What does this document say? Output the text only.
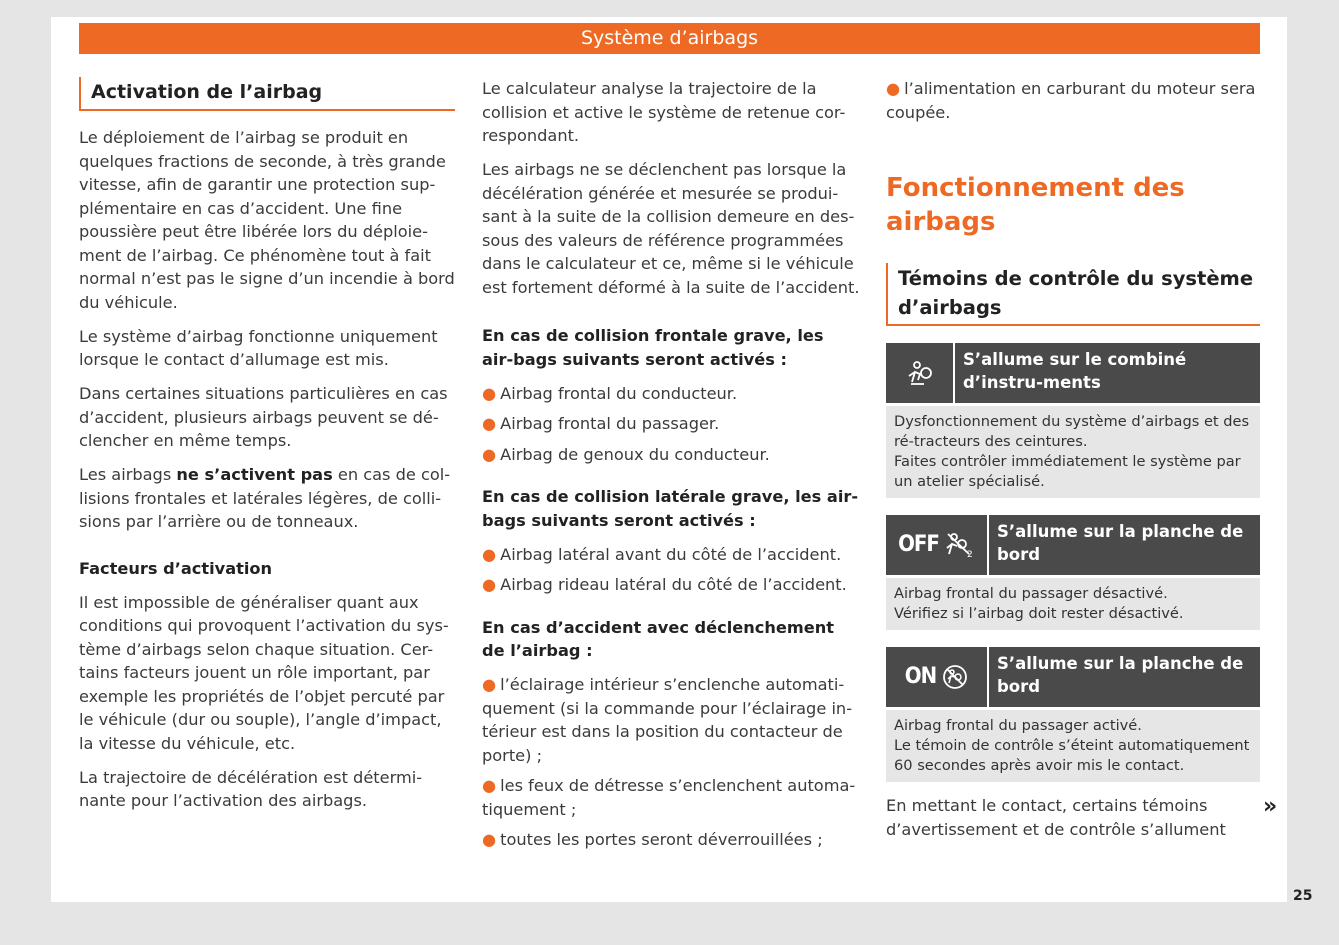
Système d’airbags
Activation de l’airbag

Le déploiement de l’airbag se produit en quelques fractions de seconde, à très grande vitesse, afin de garantir une protection sup-plémentaire en cas d’accident. Une fine poussière peut être libérée lors du déploie-ment de l’airbag. Ce phénomène tout à fait normal n’est pas le signe d’un incendie à bord du véhicule.

Le système d’airbag fonctionne uniquement lorsque le contact d’allumage est mis.

Dans certaines situations particulières en cas d’accident, plusieurs airbags peuvent se dé-clencher en même temps.

Les airbags ne s’activent pas en cas de col-lisions frontales et latérales légères, de colli-sions par l’arrière ou de tonneaux.

Facteurs d’activation

Il est impossible de généraliser quant aux conditions qui provoquent l’activation du sys-tème d’airbags selon chaque situation. Cer-tains facteurs jouent un rôle important, par exemple les propriétés de l’objet percuté par le véhicule (dur ou souple), l’angle d’impact, la vitesse du véhicule, etc.

La trajectoire de décélération est détermi-nante pour l’activation des airbags.

Le calculateur analyse la trajectoire de la collision et active le système de retenue cor-respondant.

Les airbags ne se déclenchent pas lorsque la décélération générée et mesurée se produi-sant à la suite de la collision demeure en des-sous des valeurs de référence programmées dans le calculateur et ce, même si le véhicule est fortement déformé à la suite de l’accident.

En cas de collision frontale grave, les air-bags suivants seront activés :

● Airbag frontal du conducteur.
● Airbag frontal du passager.
● Airbag de genoux du conducteur.

En cas de collision latérale grave, les air-bags suivants seront activés :

● Airbag latéral avant du côté de l’accident.
● Airbag rideau latéral du côté de l’accident.

En cas d’accident avec déclenchement de l’airbag :

● l’éclairage intérieur s’enclenche automati-quement (si la commande pour l’éclairage in-térieur est dans la position du contacteur de porte) ;
● les feux de détresse s’enclenchent automa-tiquement ;
● toutes les portes seront déverrouillées ;

● l’alimentation en carburant du moteur sera coupée.

Fonctionnement des airbags
Témoins de contrôle du système d’airbags
S’allume sur le combiné d’instru-ments
Dysfonctionnement du système d’airbags et des ré-tracteurs des ceintures.
Faites contrôler immédiatement le système par un atelier spécialisé.
OFF	2
S’allume sur la planche de bord
Airbag frontal du passager désactivé.
Vérifiez si l’airbag doit rester désactivé.
ON
S’allume sur la planche de bord
Airbag frontal du passager activé.
Le témoin de contrôle s’éteint automatiquement 60 secondes après avoir mis le contact.

En mettant le contact, certains témoins d’avertissement et de contrôle s’allument

»
25
